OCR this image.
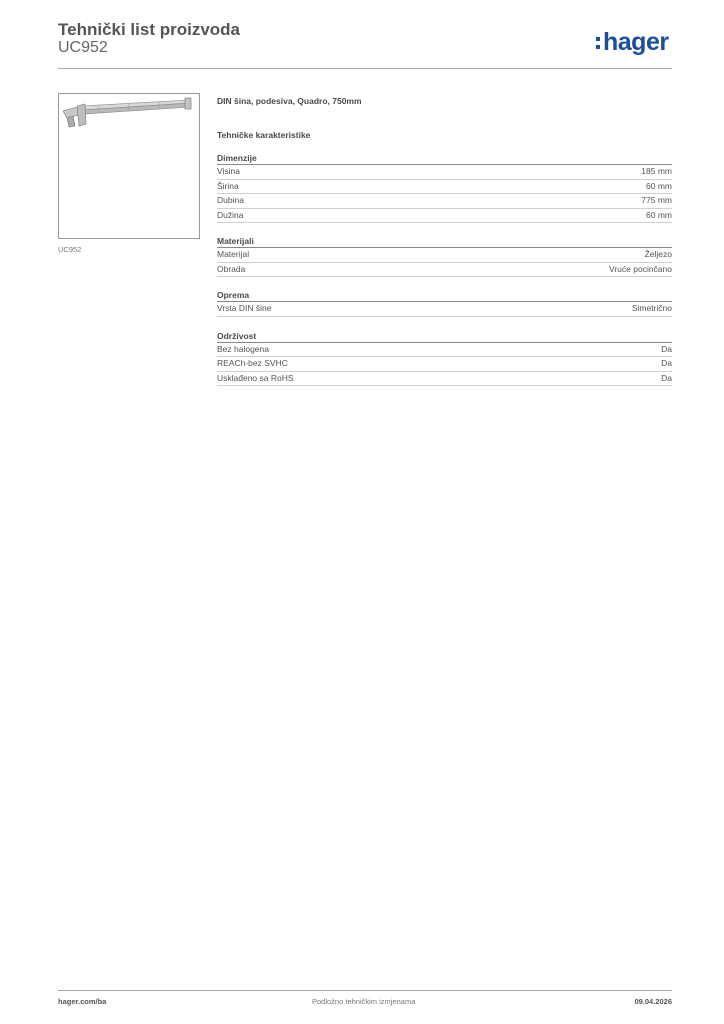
Tehnički list proizvoda
UC952	hager
UC952
DIN šina, podesiva, Quadro, 750mm
Tehničke karakteristike
Dimenzije
Visina	185 mm
Širina	60 mm
Dubina	775 mm
Dužina	60 mm
Materijali
Materijal	Željezo
Obrada	Vruće pocinčano
Oprema
Vrsta DIN šine	Simetrično
Održivost
Bez halogena	Da
REACh-bez SVHC	Da
Usklađeno sa RoHS	Da
hager.com/ba	Podložno tehničkim izmjenama	09.04.2026
